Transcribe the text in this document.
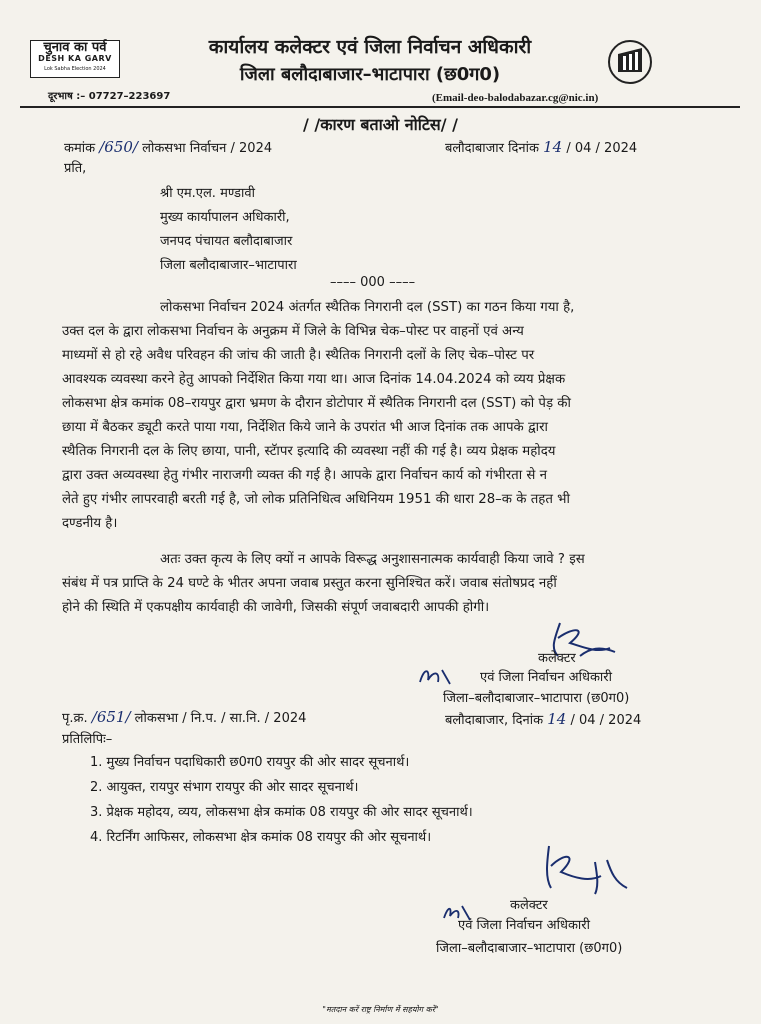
चुनाव का पर्व
DESH KA GARV
Lok Sabha Election 2024
कार्यालय कलेक्टर एवं जिला निर्वाचन अधिकारी
जिला बलौदाबाजार–भाटापारा (छ0ग0)
दूरभाष :– 07727–223697	(Email-deo-balodabazar.cg@nic.in)
/ /कारण बताओ नोटिस/ /
कमांक /650/ लोकसभा निर्वाचन / 2024	बलौदाबाजार दिनांक 14 / 04 / 2024
प्रति,
श्री एम.एल. मण्डावी
मुख्य कार्यापालन अधिकारी,
जनपद पंचायत बलौदाबाजार
जिला बलौदाबाजार–भाटापारा
–––– 000 ––––
लोकसभा निर्वाचन 2024 अंतर्गत स्थैतिक निगरानी दल (SST) का गठन किया गया है,
उक्त दल के द्वारा लोकसभा निर्वाचन के अनुक्रम में जिले के विभिन्न चेक–पोस्ट पर वाहनों एवं अन्य
माध्यमों से हो रहे अवैध परिवहन की जांच की जाती है। स्थैतिक निगरानी दलों के लिए चेक–पोस्ट पर
आवश्यक व्यवस्था करने हेतु आपको निर्देशित किया गया था। आज दिनांक 14.04.2024 को व्यय प्रेक्षक
लोकसभा क्षेत्र कमांक 08–रायपुर द्वारा भ्रमण के दौरान डोटोपार में स्थैतिक निगरानी दल (SST) को पेड़ की
छाया में बैठकर ड्यूटी करते पाया गया, निर्देशित किये जाने के उपरांत भी आज दिनांक तक आपके द्वारा
स्थैतिक निगरानी दल के लिए छाया, पानी, स्टॅापर इत्यादि की व्यवस्था नहीं की गई है। व्यय प्रेक्षक महोदय
द्वारा उक्त अव्यवस्था हेतु गंभीर नाराजगी व्यक्त की गई है। आपके द्वारा निर्वाचन कार्य को गंभीरता से न
लेते हुए गंभीर लापरवाही बरती गई है, जो लोक प्रतिनिधित्व अधिनियम 1951 की धारा 28–क के तहत भी
दण्डनीय है।
अतः उक्त कृत्य के लिए क्यों न आपके विरूद्ध अनुशासनात्मक कार्यवाही किया जावे ? इस
संबंध में पत्र प्राप्ति के 24 घण्टे के भीतर अपना जवाब प्रस्तुत करना सुनिश्चित करें। जवाब संतोषप्रद नहीं
होने की स्थिति में एकपक्षीय कार्यवाही की जावेगी, जिसकी संपूर्ण जवाबदारी आपकी होगी।
कलेक्टर
एवं जिला निर्वाचन अधिकारी
जिला–बलौदाबाजार–भाटापारा (छ0ग0)
पृ.क्र. /651/ लोकसभा / नि.प. / सा.नि. / 2024	बलौदाबाजार, दिनांक 14 / 04 / 2024
प्रतिलिपिः–
1. मुख्य निर्वाचन पदाधिकारी छ0ग0 रायपुर की ओर सादर सूचनार्थ।
2. आयुक्त, रायपुर संभाग रायपुर की ओर सादर सूचनार्थ।
3. प्रेक्षक महोदय, व्यय, लोकसभा क्षेत्र कमांक 08 रायपुर की ओर सादर सूचनार्थ।
4. रिटर्निंग आफिसर, लोकसभा क्षेत्र कमांक 08 रायपुर की ओर सूचनार्थ।
कलेक्टर
एवं जिला निर्वाचन अधिकारी
जिला–बलौदाबाजार–भाटापारा (छ0ग0)
"मतदान करें राष्ट्र निर्माण में सहयोग करें"
